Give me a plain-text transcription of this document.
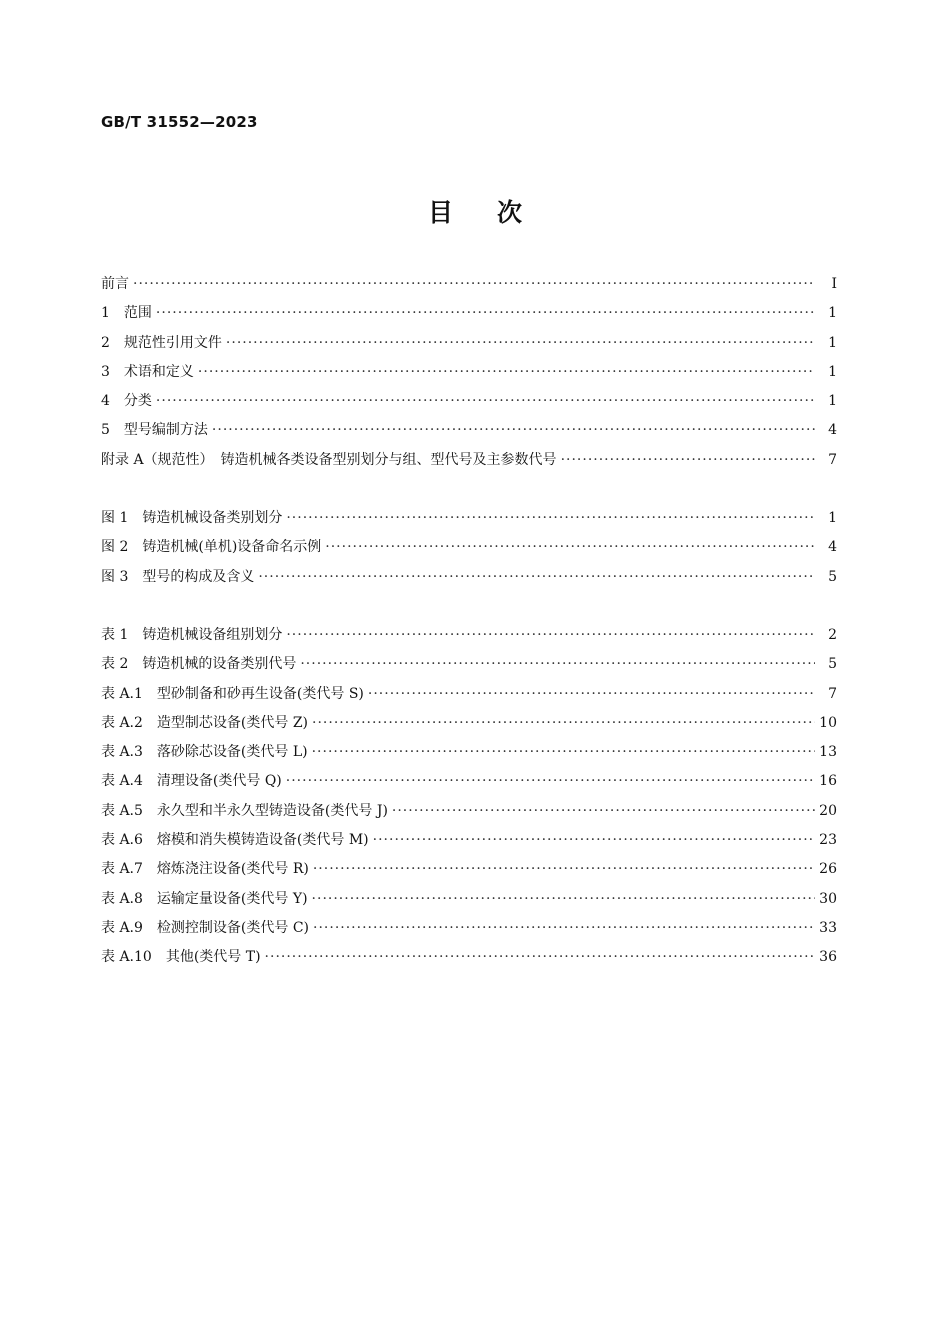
GB/T 31552—2023
目次
前言 ·····	Ⅰ
1　范围 ·····	1
2　规范性引用文件 ·····	1
3　术语和定义 ·····	1
4　分类 ·····	1
5　型号编制方法 ·····	4
附录 A（规范性）　铸造机械各类设备型别划分与组、型代号及主参数代号 ·····	7
图 1　铸造机械设备类别划分 ·····	1
图 2　铸造机械(单机)设备命名示例 ·····	4
图 3　型号的构成及含义 ·····	5
表 1　铸造机械设备组别划分 ·····	2
表 2　铸造机械的设备类别代号 ·····	5
表 A.1　型砂制备和砂再生设备(类代号 S) ·····	7
表 A.2　造型制芯设备(类代号 Z) ·····	10
表 A.3　落砂除芯设备(类代号 L) ·····	13
表 A.4　清理设备(类代号 Q) ·····	16
表 A.5　永久型和半永久型铸造设备(类代号 J) ·····	20
表 A.6　熔模和消失模铸造设备(类代号 M) ·····	23
表 A.7　熔炼浇注设备(类代号 R) ·····	26
表 A.8　运输定量设备(类代号 Y) ·····	30
表 A.9　检测控制设备(类代号 C) ·····	33
表 A.10　其他(类代号 T) ·····	36
